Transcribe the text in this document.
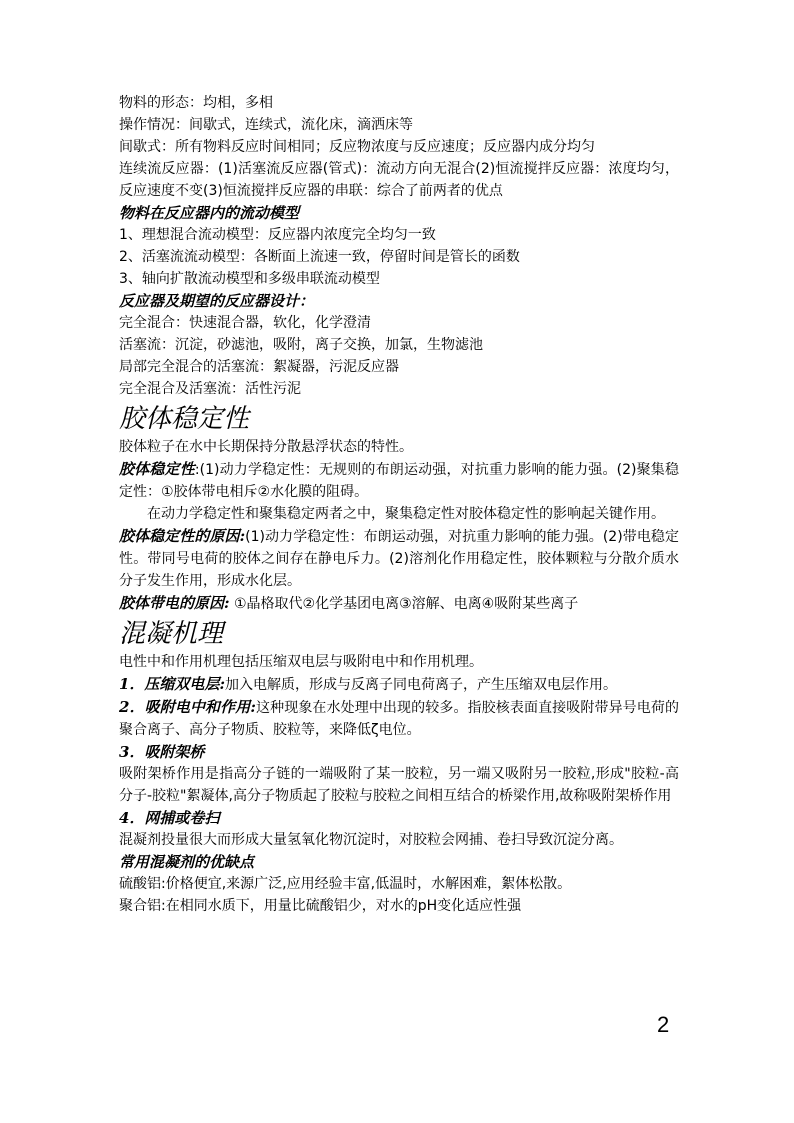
物料的形态：均相，多相

操作情况：间歇式，连续式，流化床，滴洒床等

间歇式：所有物料反应时间相同；反应物浓度与反应速度；反应器内成分均匀

连续流反应器：(1)活塞流反应器(管式)：流动方向无混合(2)恒流搅拌反应器：浓度均匀，反应速度不变(3)恒流搅拌反应器的串联：综合了前两者的优点

物料在反应器内的流动模型

1、理想混合流动模型：反应器内浓度完全均匀一致

2、活塞流流动模型：各断面上流速一致，停留时间是管长的函数

3、轴向扩散流动模型和多级串联流动模型

反应器及期望的反应器设计：

完全混合：快速混合器，软化，化学澄清

活塞流：沉淀，砂滤池，吸附，离子交换，加氯，生物滤池

局部完全混合的活塞流：絮凝器，污泥反应器

完全混合及活塞流：活性污泥

胶体稳定性

胶体粒子在水中长期保持分散悬浮状态的特性。

胶体稳定性:(1)动力学稳定性：无规则的布朗运动强，对抗重力影响的能力强。(2)聚集稳定性：①胶体带电相斥②水化膜的阻碍。

在动力学稳定性和聚集稳定两者之中，聚集稳定性对胶体稳定性的影响起关键作用。

胶体稳定性的原因:(1)动力学稳定性：布朗运动强，对抗重力影响的能力强。(2)带电稳定性。带同号电荷的胶体之间存在静电斥力。(2)溶剂化作用稳定性，胶体颗粒与分散介质水分子发生作用，形成水化层。

胶体带电的原因: ①晶格取代②化学基团电离③溶解、电离④吸附某些离子

混凝机理

电性中和作用机理包括压缩双电层与吸附电中和作用机理。

1．压缩双电层:加入电解质，形成与反离子同电荷离子，产生压缩双电层作用。

2．吸附电中和作用:这种现象在水处理中出现的较多。指胶核表面直接吸附带异号电荷的聚合离子、高分子物质、胶粒等，来降低ζ电位。

3．吸附架桥

吸附架桥作用是指高分子链的一端吸附了某一胶粒，另一端又吸附另一胶粒,形成"胶粒-高分子-胶粒"絮凝体,高分子物质起了胶粒与胶粒之间相互结合的桥梁作用,故称吸附架桥作用

4．网捕或卷扫

混凝剂投量很大而形成大量氢氧化物沉淀时，对胶粒会网捕、卷扫导致沉淀分离。

常用混凝剂的优缺点

硫酸铝:价格便宜,来源广泛,应用经验丰富,低温时，水解困难，絮体松散。

聚合铝:在相同水质下，用量比硫酸铝少，对水的pH变化适应性强

2
